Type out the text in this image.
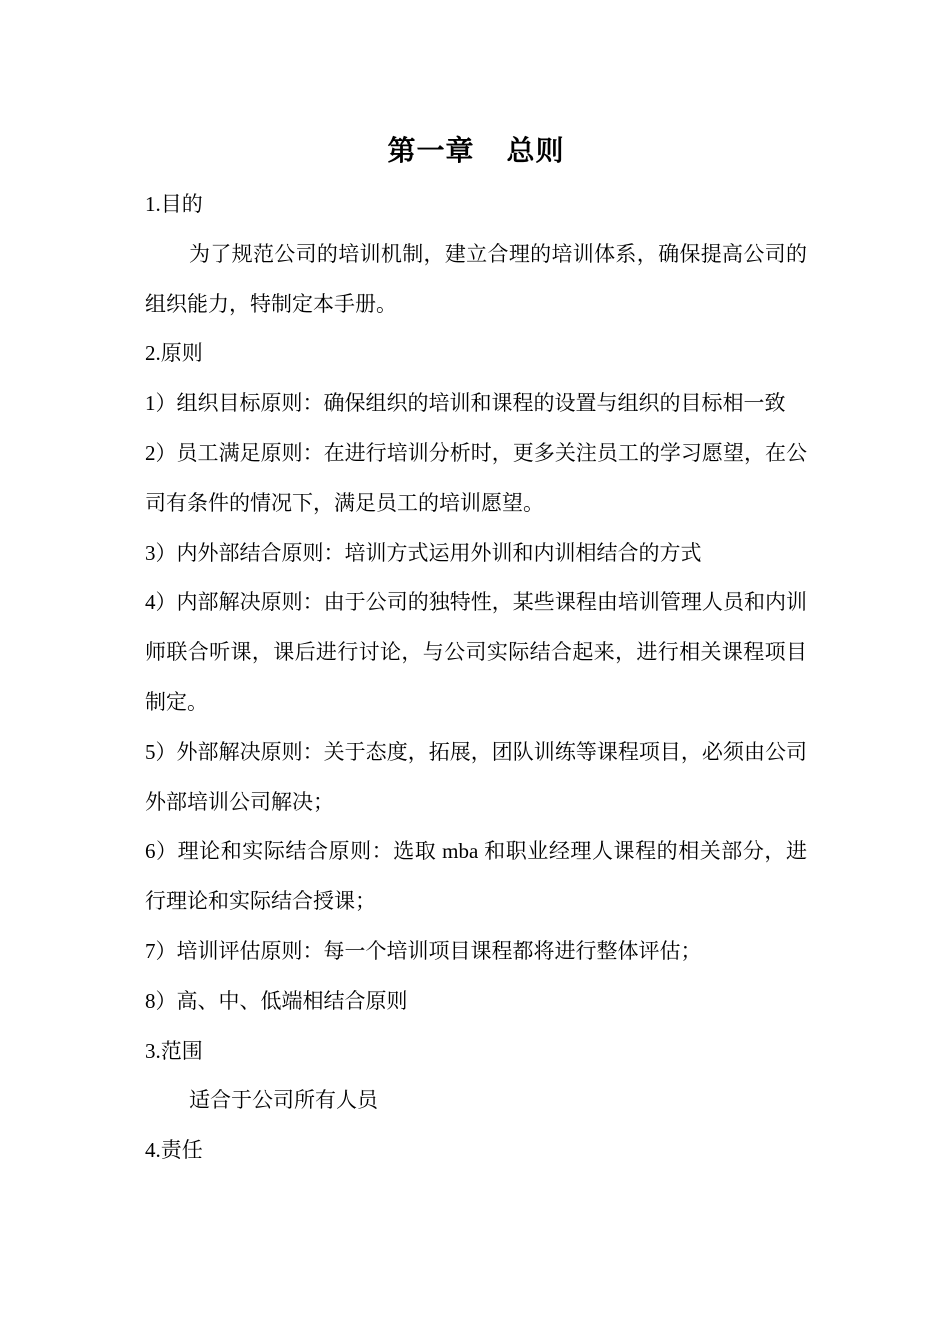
第一章    总则

1.目的

为了规范公司的培训机制，建立合理的培训体系，确保提高公司的组织能力，特制定本手册。

2.原则

1）组织目标原则：确保组织的培训和课程的设置与组织的目标相一致

2）员工满足原则：在进行培训分析时，更多关注员工的学习愿望，在公司有条件的情况下，满足员工的培训愿望。

3）内外部结合原则：培训方式运用外训和内训相结合的方式

4）内部解决原则：由于公司的独特性，某些课程由培训管理人员和内训师联合听课，课后进行讨论，与公司实际结合起来，进行相关课程项目制定。

5）外部解决原则：关于态度，拓展，团队训练等课程项目，必须由公司外部培训公司解决；

6）理论和实际结合原则：选取 mba 和职业经理人课程的相关部分，进行理论和实际结合授课；

7）培训评估原则：每一个培训项目课程都将进行整体评估；

8）高、中、低端相结合原则

3.范围

适合于公司所有人员

4.责任
